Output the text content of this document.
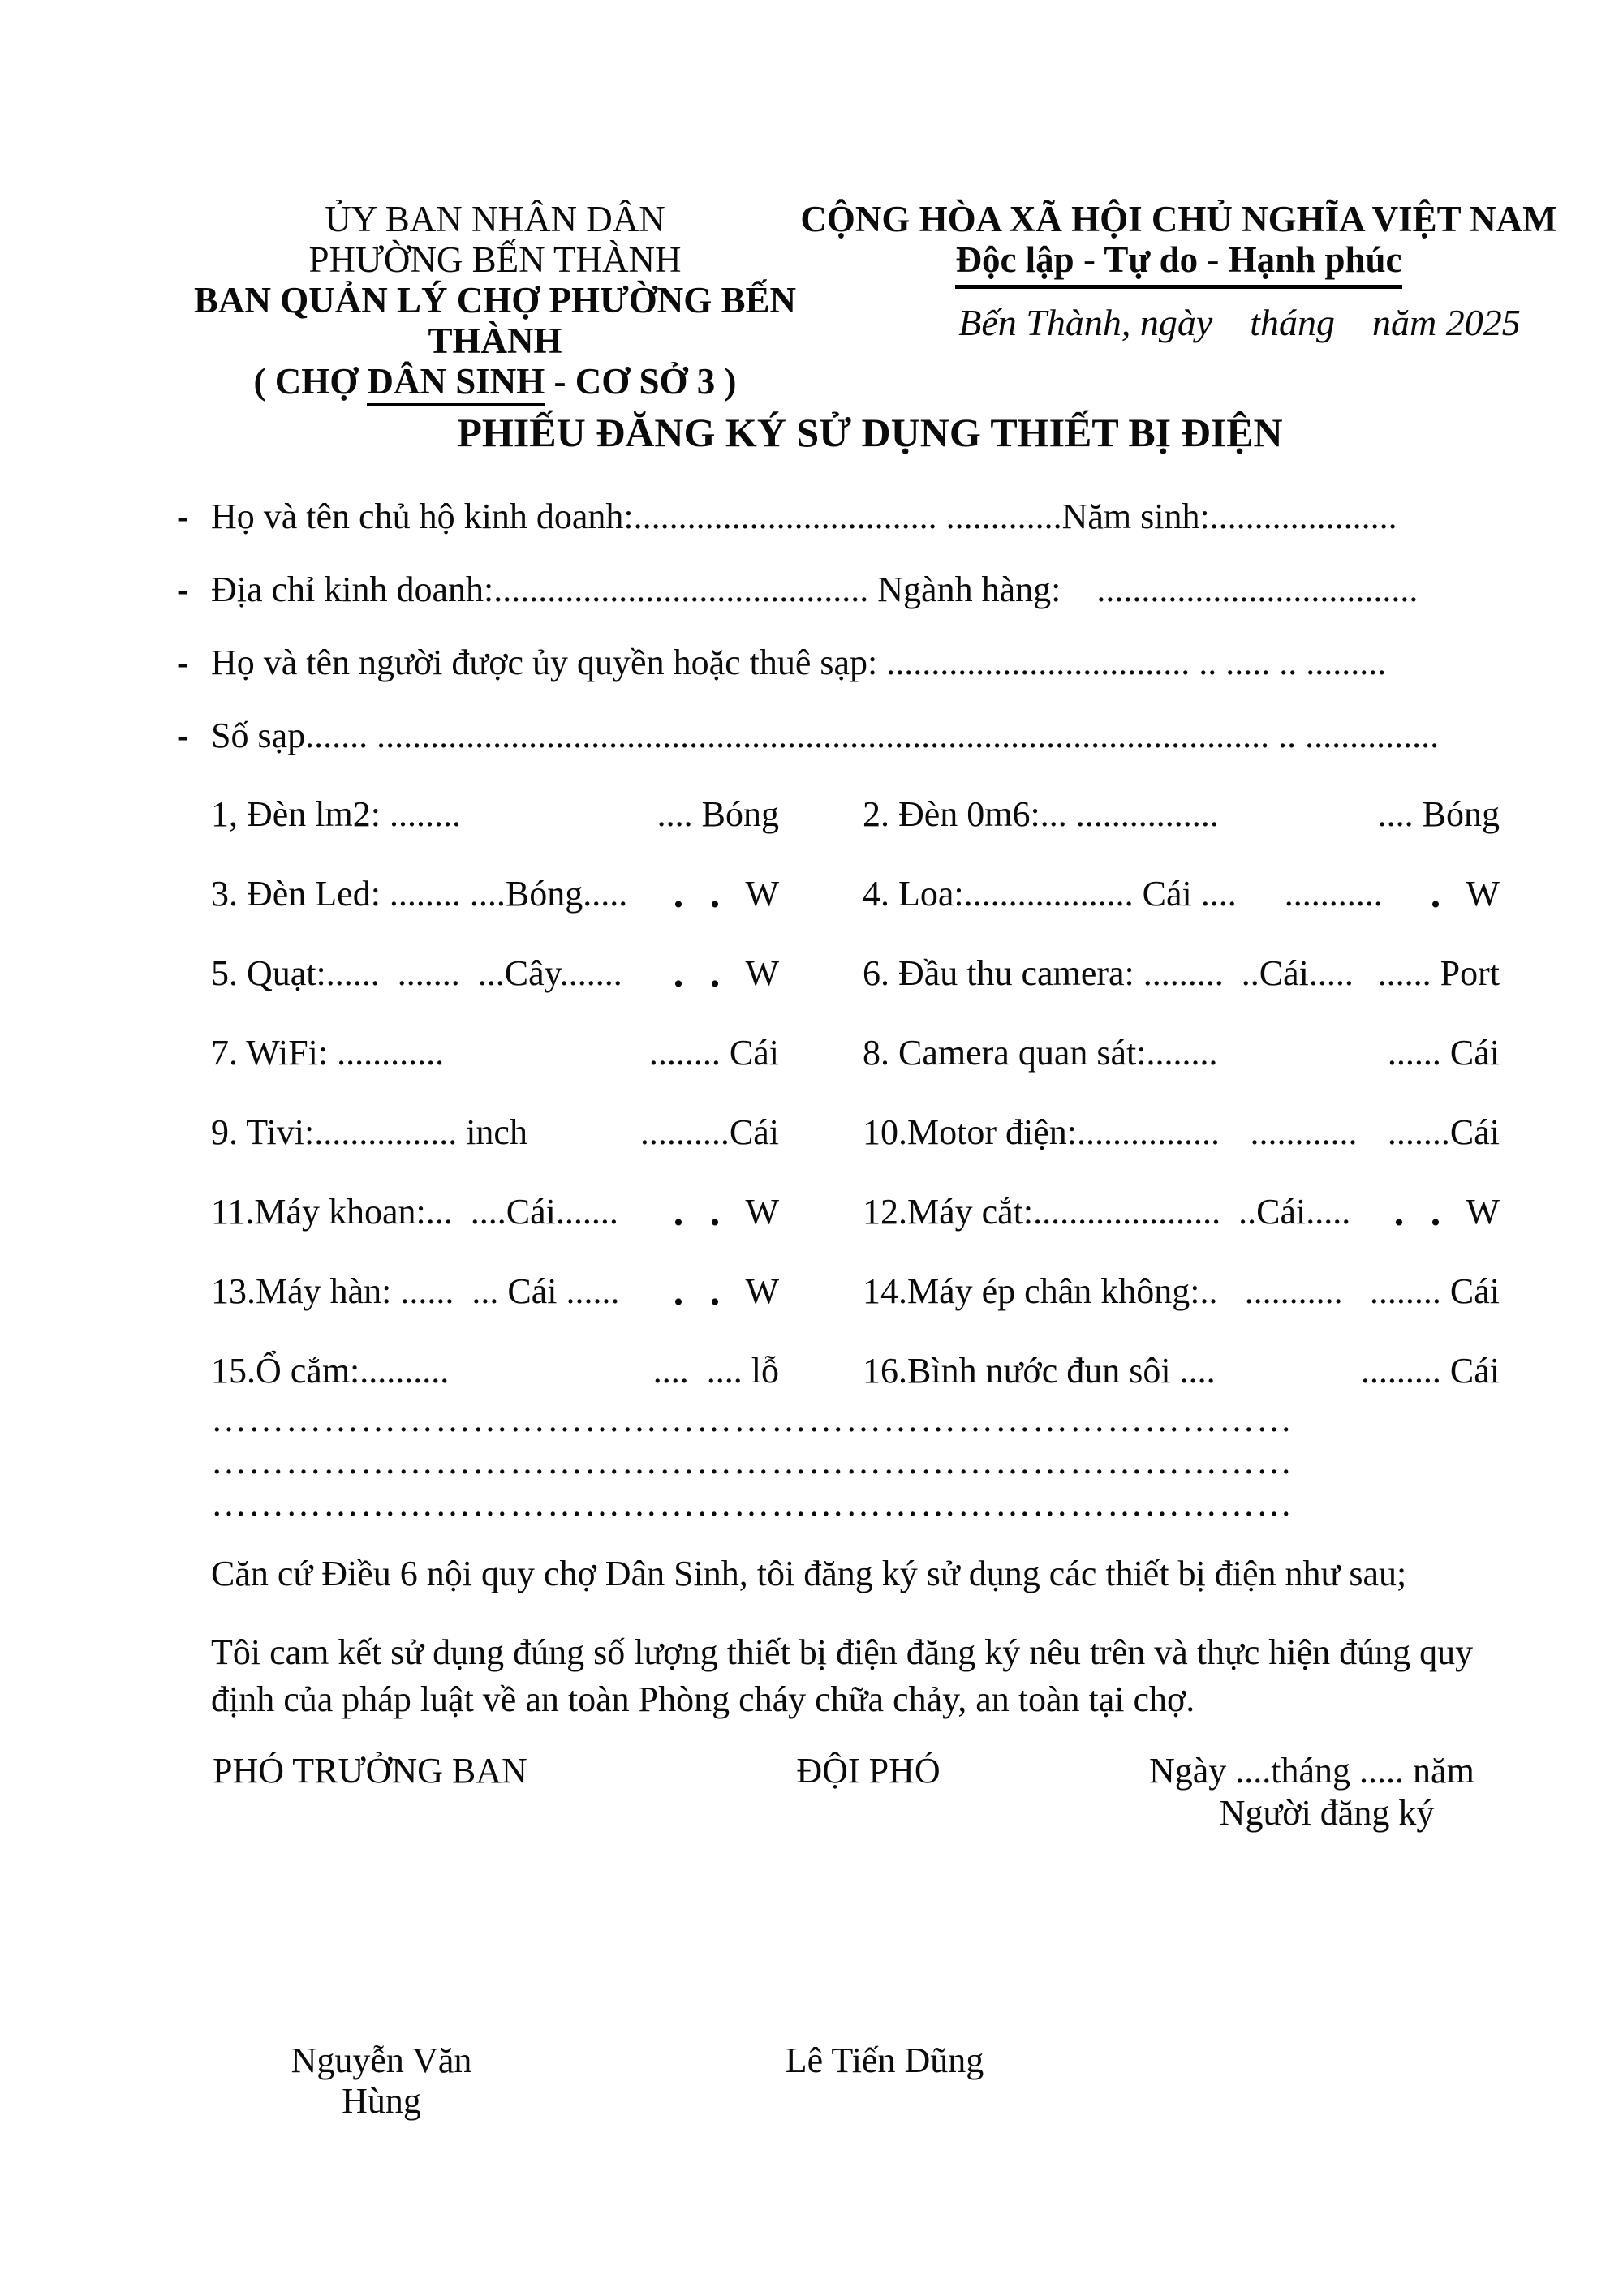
ỦY BAN NHÂN DÂN
PHƯỜNG BẾN THÀNH
BAN QUẢN LÝ CHỢ PHƯỜNG BẾN THÀNH
( CHỢ DÂN SINH - CƠ SỞ 3 )
CỘNG HÒA XÃ HỘI CHỦ NGHĨA VIỆT NAM
Độc lập - Tự do - Hạnh phúc
Bến Thành, ngày    tháng    năm 2025
PHIẾU ĐĂNG KÝ SỬ DỤNG THIẾT BỊ ĐIỆN
- Họ và tên chủ hộ kinh doanh:.................................. .............Năm sinh:.....................
- Địa chỉ kinh doanh:.......................................... Ngành hàng:    ....................................
- Họ và tên người được ủy quyền hoặc thuê sạp: .................................. .. ..... .. .........
- Số sạp....... .................................................................................................... .. ...............
1, Đèn lm2: ........	.... Bóng 2. Đèn 0m6:... ................	.... Bóng
3. Đèn Led: ........ ....Bóng..... . . W 4. Loa:................... Cái .... ........... . W
5. Quạt:......  .......  ...Cây....... . . W 6. Đầu thu camera: .........  ..Cái..... ...... Port
7. WiFi: ............	........ Cái 8. Camera quan sát:........	...... Cái
9. Tivi:................ inch	..........Cái 10.Motor điện:................ ............ .......Cái
11.Máy khoan:...  ....Cái....... . . W 12.Máy cắt:.....................  ..Cái..... . . W
13.Máy hàn: ......  ... Cái ...... . . W 14.Máy ép chân không:.. ........... ........ Cái
15.Ổ cắm:..........	....  .... lỗ 16.Bình nước đun sôi ....	......... Cái
……………………………………………………………………………
……………………………………………………………………………
……………………………………………………………………………
Căn cứ Điều 6 nội quy chợ Dân Sinh, tôi đăng ký sử dụng các thiết bị điện như sau;
Tôi cam kết sử dụng đúng số lượng thiết bị điện đăng ký nêu trên và thực hiện đúng quy định của pháp luật về an toàn Phòng cháy chữa chảy, an toàn tại chợ.
PHÓ TRƯỞNG BAN	ĐỘI PHÓ	Ngày ....tháng ..... năm
Người đăng ký
Nguyễn Văn Hùng
Lê Tiến Dũng
